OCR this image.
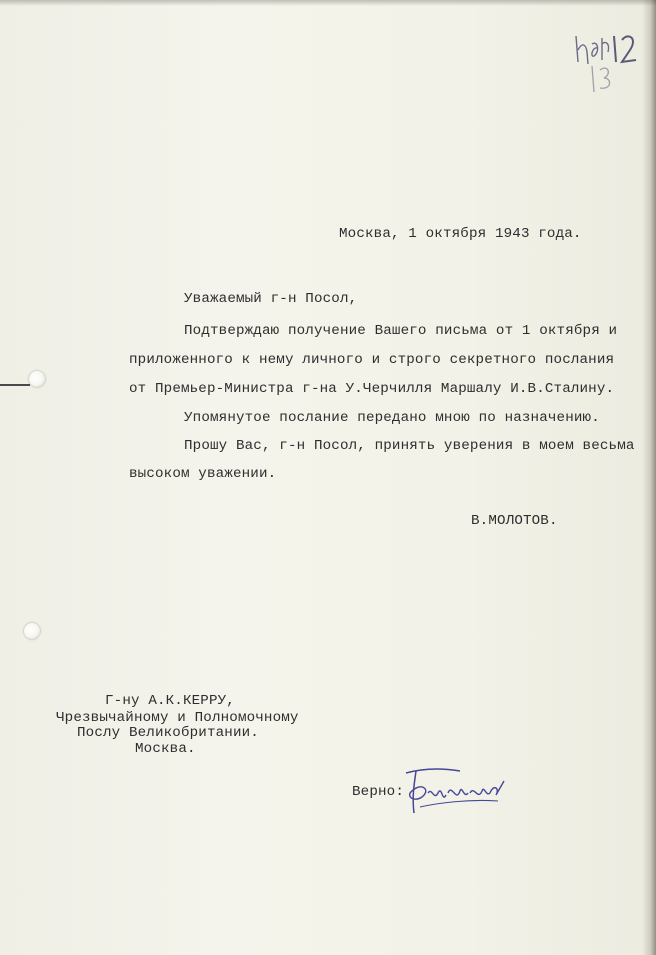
Москва, 1 октября 1943 года.
Уважаемый г-н Посол,
Подтверждаю получение Вашего письма от 1 октября и
приложенного к нему личного и строго секретного послания
от Премьер-Министра г-на У.Черчилля Маршалу И.В.Сталину.
Упомянутое послание передано мною по назначению.
Прошу Вас, г-н Посол, принять уверения в моем весьма
высоком уважении.
В.МОЛОТОВ.
Г-ну А.К.КЕРРУ,
Чрезвычайному и Полномочному
Послу Великобритании.
Москва.
Верно:
